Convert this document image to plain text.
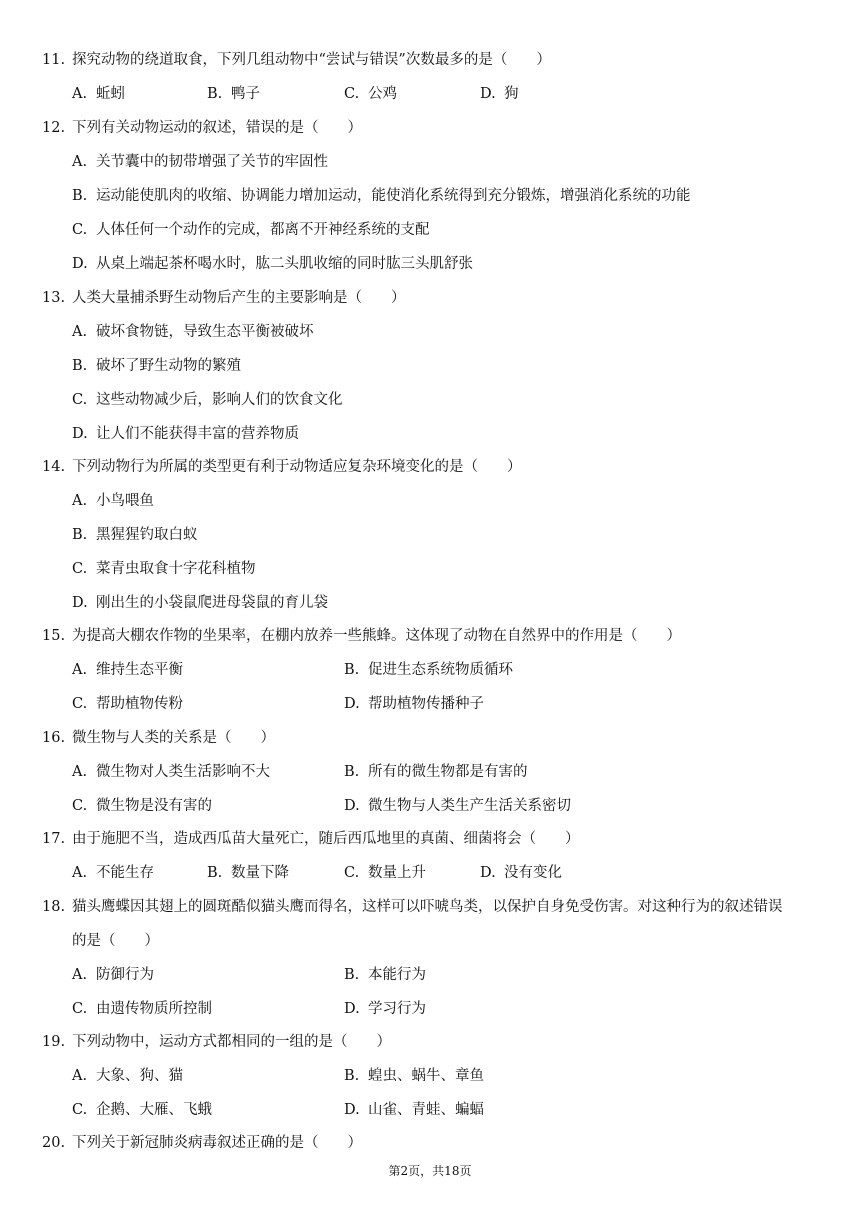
11. 探究动物的绕道取食，下列几组动物中“尝试与错误”次数最多的是（　　）
A. 蚯蚓	B. 鸭子	C. 公鸡	D. 狗
12. 下列有关动物运动的叙述，错误的是（　　）
A. 关节囊中的韧带增强了关节的牢固性
B. 运动能使肌肉的收缩、协调能力增加运动，能使消化系统得到充分锻炼，增强消化系统的功能
C. 人体任何一个动作的完成，都离不开神经系统的支配
D. 从桌上端起茶杯喝水时，肱二头肌收缩的同时肱三头肌舒张
13. 人类大量捕杀野生动物后产生的主要影响是（　　）
A. 破坏食物链，导致生态平衡被破坏
B. 破坏了野生动物的繁殖
C. 这些动物减少后，影响人们的饮食文化
D. 让人们不能获得丰富的营养物质
14. 下列动物行为所属的类型更有利于动物适应复杂环境变化的是（　　）
A. 小鸟喂鱼
B. 黑猩猩钓取白蚁
C. 菜青虫取食十字花科植物
D. 刚出生的小袋鼠爬进母袋鼠的育儿袋
15. 为提高大棚农作物的坐果率，在棚内放养一些熊蜂。这体现了动物在自然界中的作用是（　　）
A. 维持生态平衡	B. 促进生态系统物质循环
C. 帮助植物传粉	D. 帮助植物传播种子
16. 微生物与人类的关系是（　　）
A. 微生物对人类生活影响不大	B. 所有的微生物都是有害的
C. 微生物是没有害的	D. 微生物与人类生产生活关系密切
17. 由于施肥不当，造成西瓜苗大量死亡，随后西瓜地里的真菌、细菌将会（　　）
A. 不能生存	B. 数量下降	C. 数量上升	D. 没有变化
18. 猫头鹰蝶因其翅上的圆斑酷似猫头鹰而得名，这样可以吓唬鸟类，以保护自身免受伤害。对这种行为的叙述错误
的是（　　）
A. 防御行为	B. 本能行为
C. 由遗传物质所控制	D. 学习行为
19. 下列动物中，运动方式都相同的一组的是（　　）
A. 大象、狗、猫	B. 蝗虫、蜗牛、章鱼
C. 企鹅、大雁、飞蛾	D. 山雀、青蛙、蝙蝠
20. 下列关于新冠肺炎病毒叙述正确的是（　　）
第2页，共18页
